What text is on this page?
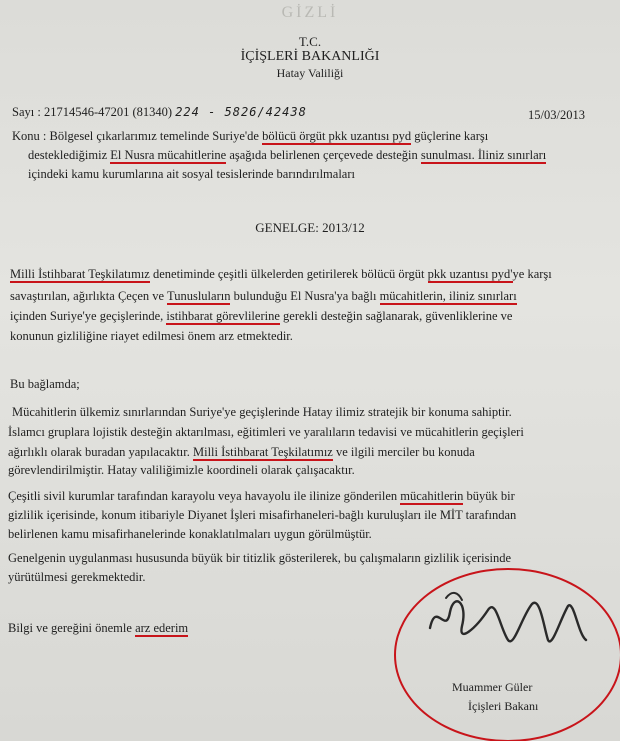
GİZLİ
T.C.
İÇİŞLERİ BAKANLIĞI
Hatay Valiliği
Sayı : 21714546-47201 (81340) 224 - 5826/42438	15/03/2013
Konu : Bölgesel çıkarlarımız temelinde Suriye'de bölücü örgüt pkk uzantısı pyd güçlerine karşı
desteklediğimiz El Nusra mücahitlerine aşağıda belirlenen çerçevede desteğin sunulması. İliniz sınırları
içindeki kamu kurumlarına ait sosyal tesislerinde barındırılmaları
GENELGE: 2013/12
Milli İstihbarat Teşkilatımız denetiminde çeşitli ülkelerden getirilerek bölücü örgüt pkk uzantısı pyd'ye karşı
savaştırılan, ağırlıkta Çeçen ve Tunusluların bulunduğu El Nusra'ya bağlı mücahitlerin, iliniz sınırları
içinden Suriye'ye geçişlerinde, istihbarat görevlilerine gerekli desteğin sağlanarak, güvenliklerine ve
konunun gizliliğine riayet edilmesi önem arz etmektedir.
Bu bağlamda;
Mücahitlerin ülkemiz sınırlarından Suriye'ye geçişlerinde Hatay ilimiz stratejik bir konuma sahiptir.
İslamcı gruplara lojistik desteğin aktarılması, eğitimleri ve yaralıların tedavisi ve mücahitlerin geçişleri
ağırlıklı olarak buradan yapılacaktır. Milli İstihbarat Teşkilatımız ve ilgili merciler bu konuda
görevlendirilmiştir. Hatay valiliğimizle koordineli olarak çalışacaktır.
Çeşitli sivil kurumlar tarafından karayolu veya havayolu ile ilinize gönderilen mücahitlerin büyük bir
gizlilik içerisinde, konum itibariyle Diyanet İşleri misafirhaneleri-bağlı kuruluşları ile MİT tarafından
belirlenen kamu misafirhanelerinde konaklatılmaları uygun görülmüştür.
Genelgenin uygulanması hususunda büyük bir titizlik gösterilerek, bu çalışmaların gizlilik içerisinde
yürütülmesi gerekmektedir.
Bilgi ve gereğini önemle arz ederim
Muammer Güler
İçişleri Bakanı
